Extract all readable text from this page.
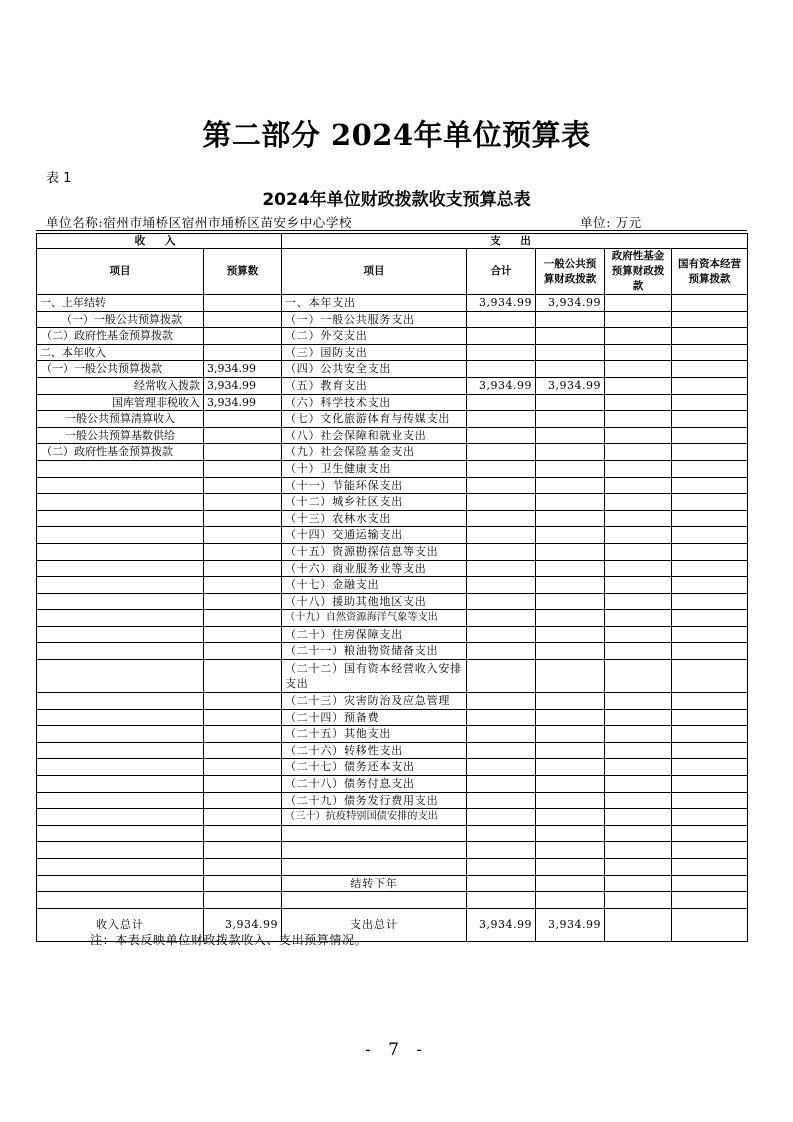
第二部分 2024年单位预算表
表 1
2024年单位财政拨款收支预算总表
单位名称:宿州市埇桥区宿州市埇桥区苗安乡中心学校	单位: 万元
收 入		支 出				
项目	预算数	项目	合计	一般公共预算财政拨款	政府性基金预算财政拨款	国有资本经营预算拨款
一、上年结转		一、本年支出	3,934.99	3,934.99		
（一）一般公共预算拨款		（一）一般公共服务支出				
（二）政府性基金预算拨款		（二）外交支出				
二、本年收入		（三）国防支出				
（一）一般公共预算拨款	3,934.99	（四）公共安全支出				
经常收入拨款	3,934.99	（五）教育支出	3,934.99	3,934.99		
国库管理非税收入	3,934.99	（六）科学技术支出				
一般公共预算清算收入		（七）文化旅游体育与传媒支出				
一般公共预算基数供给		（八）社会保障和就业支出				
（二）政府性基金预算拨款		（九）社会保险基金支出				
		（十）卫生健康支出				
		（十一）节能环保支出				
		（十二）城乡社区支出				
		（十三）农林水支出				
		（十四）交通运输支出				
		（十五）资源勘探信息等支出				
		（十六）商业服务业等支出				
		（十七）金融支出				
		（十八）援助其他地区支出				
		（十九）自然资源海洋气象等支出				
		（二十）住房保障支出				
		（二十一）粮油物资储备支出				
		（二十二）国有资本经营收入安排支出				
		（二十三）灾害防治及应急管理				
		（二十四）预备费				
		（二十五）其他支出				
		（二十六）转移性支出				
		（二十七）债务还本支出				
		（二十八）债务付息支出				
		（二十九）债务发行费用支出				
		（三十）抗疫特别国债安排的支出				

		结转下年				

收入总计	3,934.99	支出总计	3,934.99	3,934.99		
注：本表反映单位财政拨款收入、支出预算情况。
- 7 -
